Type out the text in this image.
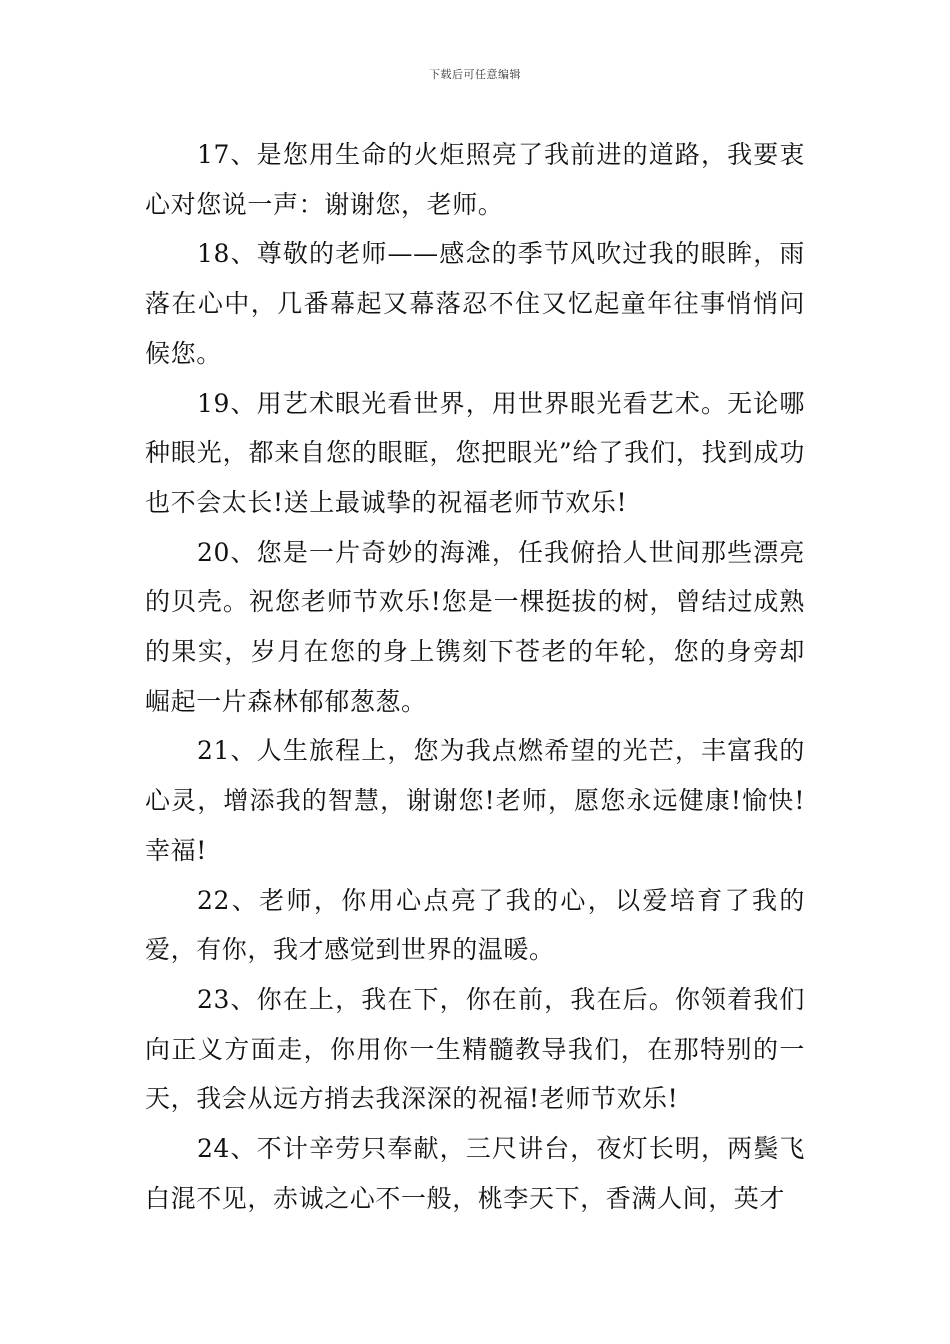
下载后可任意编辑

17、是您用生命的火炬照亮了我前进的道路，我要衷心对您说一声：谢谢您，老师。

18、尊敬的老师——感念的季节风吹过我的眼眸，雨落在心中，几番幕起又幕落忍不住又忆起童年往事悄悄问候您。

19、用艺术眼光看世界，用世界眼光看艺术。无论哪种眼光，都来自您的眼眶，您把眼光”给了我们，找到成功也不会太长!送上最诚挚的祝福老师节欢乐!

20、您是一片奇妙的海滩，任我俯拾人世间那些漂亮的贝壳。祝您老师节欢乐!您是一棵挺拔的树，曾结过成熟的果实，岁月在您的身上镌刻下苍老的年轮，您的身旁却崛起一片森林郁郁葱葱。

21、人生旅程上，您为我点燃希望的光芒，丰富我的心灵，增添我的智慧，谢谢您!老师，愿您永远健康!愉快!幸福!

22、老师，你用心点亮了我的心，以爱培育了我的爱，有你，我才感觉到世界的温暖。

23、你在上，我在下，你在前，我在后。你领着我们向正义方面走，你用你一生精髓教导我们，在那特别的一天，我会从远方捎去我深深的祝福!老师节欢乐!

24、不计辛劳只奉献，三尺讲台，夜灯长明，两鬓飞白混不见，赤诚之心不一般，桃李天下，香满人间，英才
